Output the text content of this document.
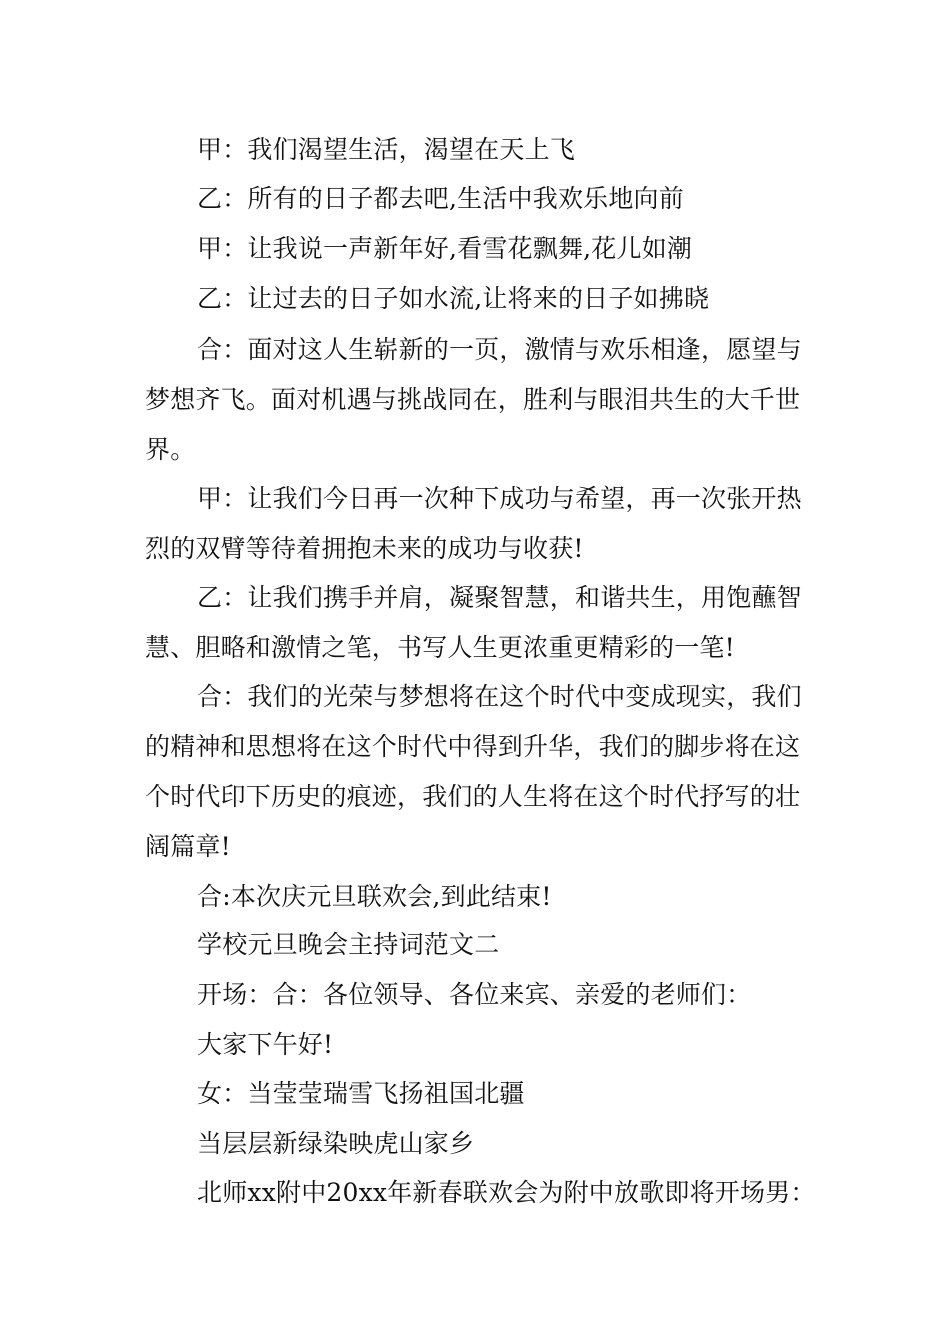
甲：我们渴望生活，渴望在天上飞

乙：所有的日子都去吧,生活中我欢乐地向前

甲：让我说一声新年好,看雪花飘舞,花儿如潮

乙：让过去的日子如水流,让将来的日子如拂晓

合：面对这人生崭新的一页，激情与欢乐相逢，愿望与梦想齐飞。面对机遇与挑战同在，胜利与眼泪共生的大千世界。

甲：让我们今日再一次种下成功与希望，再一次张开热烈的双臂等待着拥抱未来的成功与收获!

乙：让我们携手并肩，凝聚智慧，和谐共生，用饱蘸智慧、胆略和激情之笔，书写人生更浓重更精彩的一笔!

合：我们的光荣与梦想将在这个时代中变成现实，我们的精神和思想将在这个时代中得到升华，我们的脚步将在这个时代印下历史的痕迹，我们的人生将在这个时代抒写的壮阔篇章!

合:本次庆元旦联欢会,到此结束!

学校元旦晚会主持词范文二

开场：合：各位领导、各位来宾、亲爱的老师们：

大家下午好!

女：当莹莹瑞雪飞扬祖国北疆

当层层新绿染映虎山家乡

北师xx附中20xx年新春联欢会为附中放歌即将开场男：
